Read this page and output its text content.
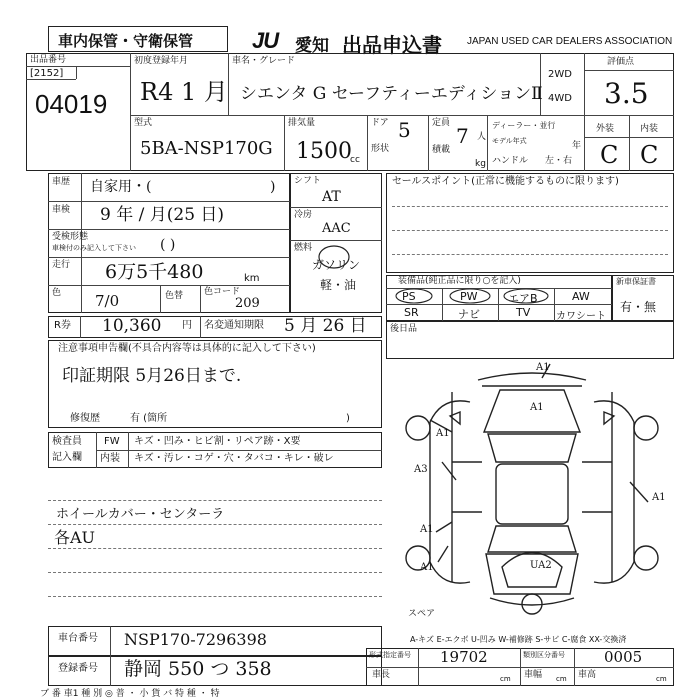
車内保管・守衛保管	JU 愛知 出品申込書	JAPAN USED CAR DEALERS ASSOCIATION
出品番号
[2152]
04019
初度登録年月
R4 1 月
車名・グレード
シエンタ G セーフティーエディションⅡ
2WD
4WD
評価点
3.5
型式
5BA-NSP170G
排気量
1500
cc
ドア 5
形状
定員
7 人
積載
kg
ディーラー・並行
モデル年式	年
ハンドル 左・右
外装	内装
C C
車歴 自家用・(	)
車検 9 年 / 月(25 日)
受検形態
車検付のみ記入して下さい ( )
走行 6万5千480	km
色 7/0	色替 色コード
209
シフト
AT
冷房
AAC
燃料
ガソリン
軽・油
セールスポイント(正常に機能するものに限ります)
R券 10,360 円 名変通知期限 5 月 26 日
装備品(純正品に限り○を記入)
PS	PW	エアB	AW
SR	ナビ	TV	カワシート
新車保証書
有・無
後日品
注意事項申告欄(不具合内容等は具体的に記入して下さい)
印証期限 5月26日まで.
修復歴	有 (箇所	)
検査員
記入欄
FW キズ・凹み・ヒビ割・リペア跡・X要
内装 キズ・汚レ・コゲ・穴・タバコ・キレ・破レ
ホイールカバー・センターラ
各AU
A1
A1
A1
A3
A1
UA2
A1
A1
スペア
A-キズ E-エクボ U-凹み W-補修跡 S-サビ C-腐食 XX-交換済
車台番号 NSP170-7296398
登録番号 静岡 550 つ 358
形式指定番号 19702	類別区分番号	0005
車長	cm 車幅 cm 車高	cm
ブ 番 車1 種 別 ◎ 普 ・ 小 貨 バ 特 種 ・ 特
